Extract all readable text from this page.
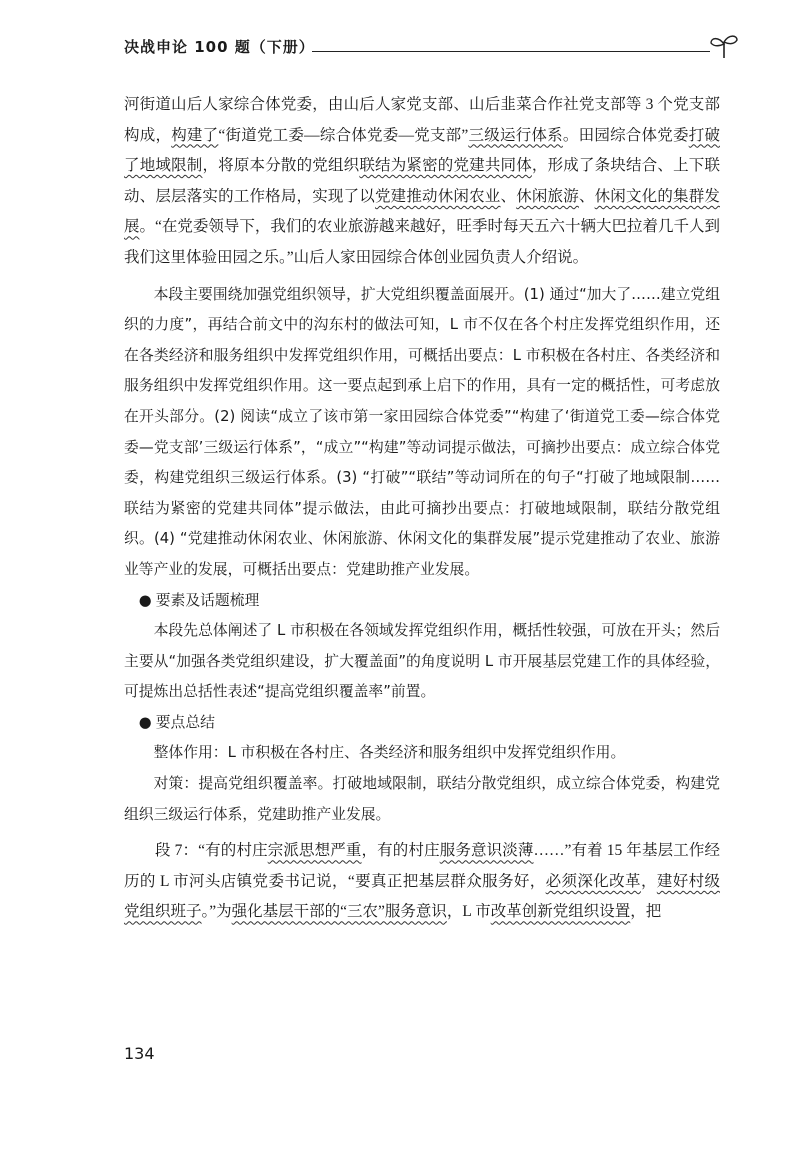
决战申论 100 题（下册）

河街道山后人家综合体党委，由山后人家党支部、山后韭菜合作社党支部等 3 个党支部构成，构建了“街道党工委—综合体党委—党支部”三级运行体系。田园综合体党委打破了地域限制，将原本分散的党组织联结为紧密的党建共同体，形成了条块结合、上下联动、层层落实的工作格局，实现了以党建推动休闲农业、休闲旅游、休闲文化的集群发展。“在党委领导下，我们的农业旅游越来越好，旺季时每天五六十辆大巴拉着几千人到我们这里体验田园之乐。”山后人家田园综合体创业园负责人介绍说。

本段主要围绕加强党组织领导，扩大党组织覆盖面展开。(1) 通过“加大了……建立党组织的力度”，再结合前文中的沟东村的做法可知，L 市不仅在各个村庄发挥党组织作用，还在各类经济和服务组织中发挥党组织作用，可概括出要点：L 市积极在各村庄、各类经济和服务组织中发挥党组织作用。这一要点起到承上启下的作用，具有一定的概括性，可考虑放在开头部分。(2) 阅读“成立了该市第一家田园综合体党委”“构建了‘街道党工委—综合体党委—党支部’三级运行体系”，“成立”“构建”等动词提示做法，可摘抄出要点：成立综合体党委，构建党组织三级运行体系。(3) “打破”“联结”等动词所在的句子“打破了地域限制……联结为紧密的党建共同体”提示做法，由此可摘抄出要点：打破地域限制，联结分散党组织。(4) “党建推动休闲农业、休闲旅游、休闲文化的集群发展”提示党建推动了农业、旅游业等产业的发展，可概括出要点：党建助推产业发展。

● 要素及话题梳理

本段先总体阐述了 L 市积极在各领域发挥党组织作用，概括性较强，可放在开头；然后主要从“加强各类党组织建设，扩大覆盖面”的角度说明 L 市开展基层党建工作的具体经验，可提炼出总括性表述“提高党组织覆盖率”前置。

● 要点总结

整体作用：L 市积极在各村庄、各类经济和服务组织中发挥党组织作用。

对策：提高党组织覆盖率。打破地域限制，联结分散党组织，成立综合体党委，构建党组织三级运行体系，党建助推产业发展。

段 7：“有的村庄宗派思想严重，有的村庄服务意识淡薄……”有着 15 年基层工作经历的 L 市河头店镇党委书记说，“要真正把基层群众服务好，必须深化改革，建好村级党组织班子。”为强化基层干部的“三农”服务意识，L 市改革创新党组织设置，把

134
